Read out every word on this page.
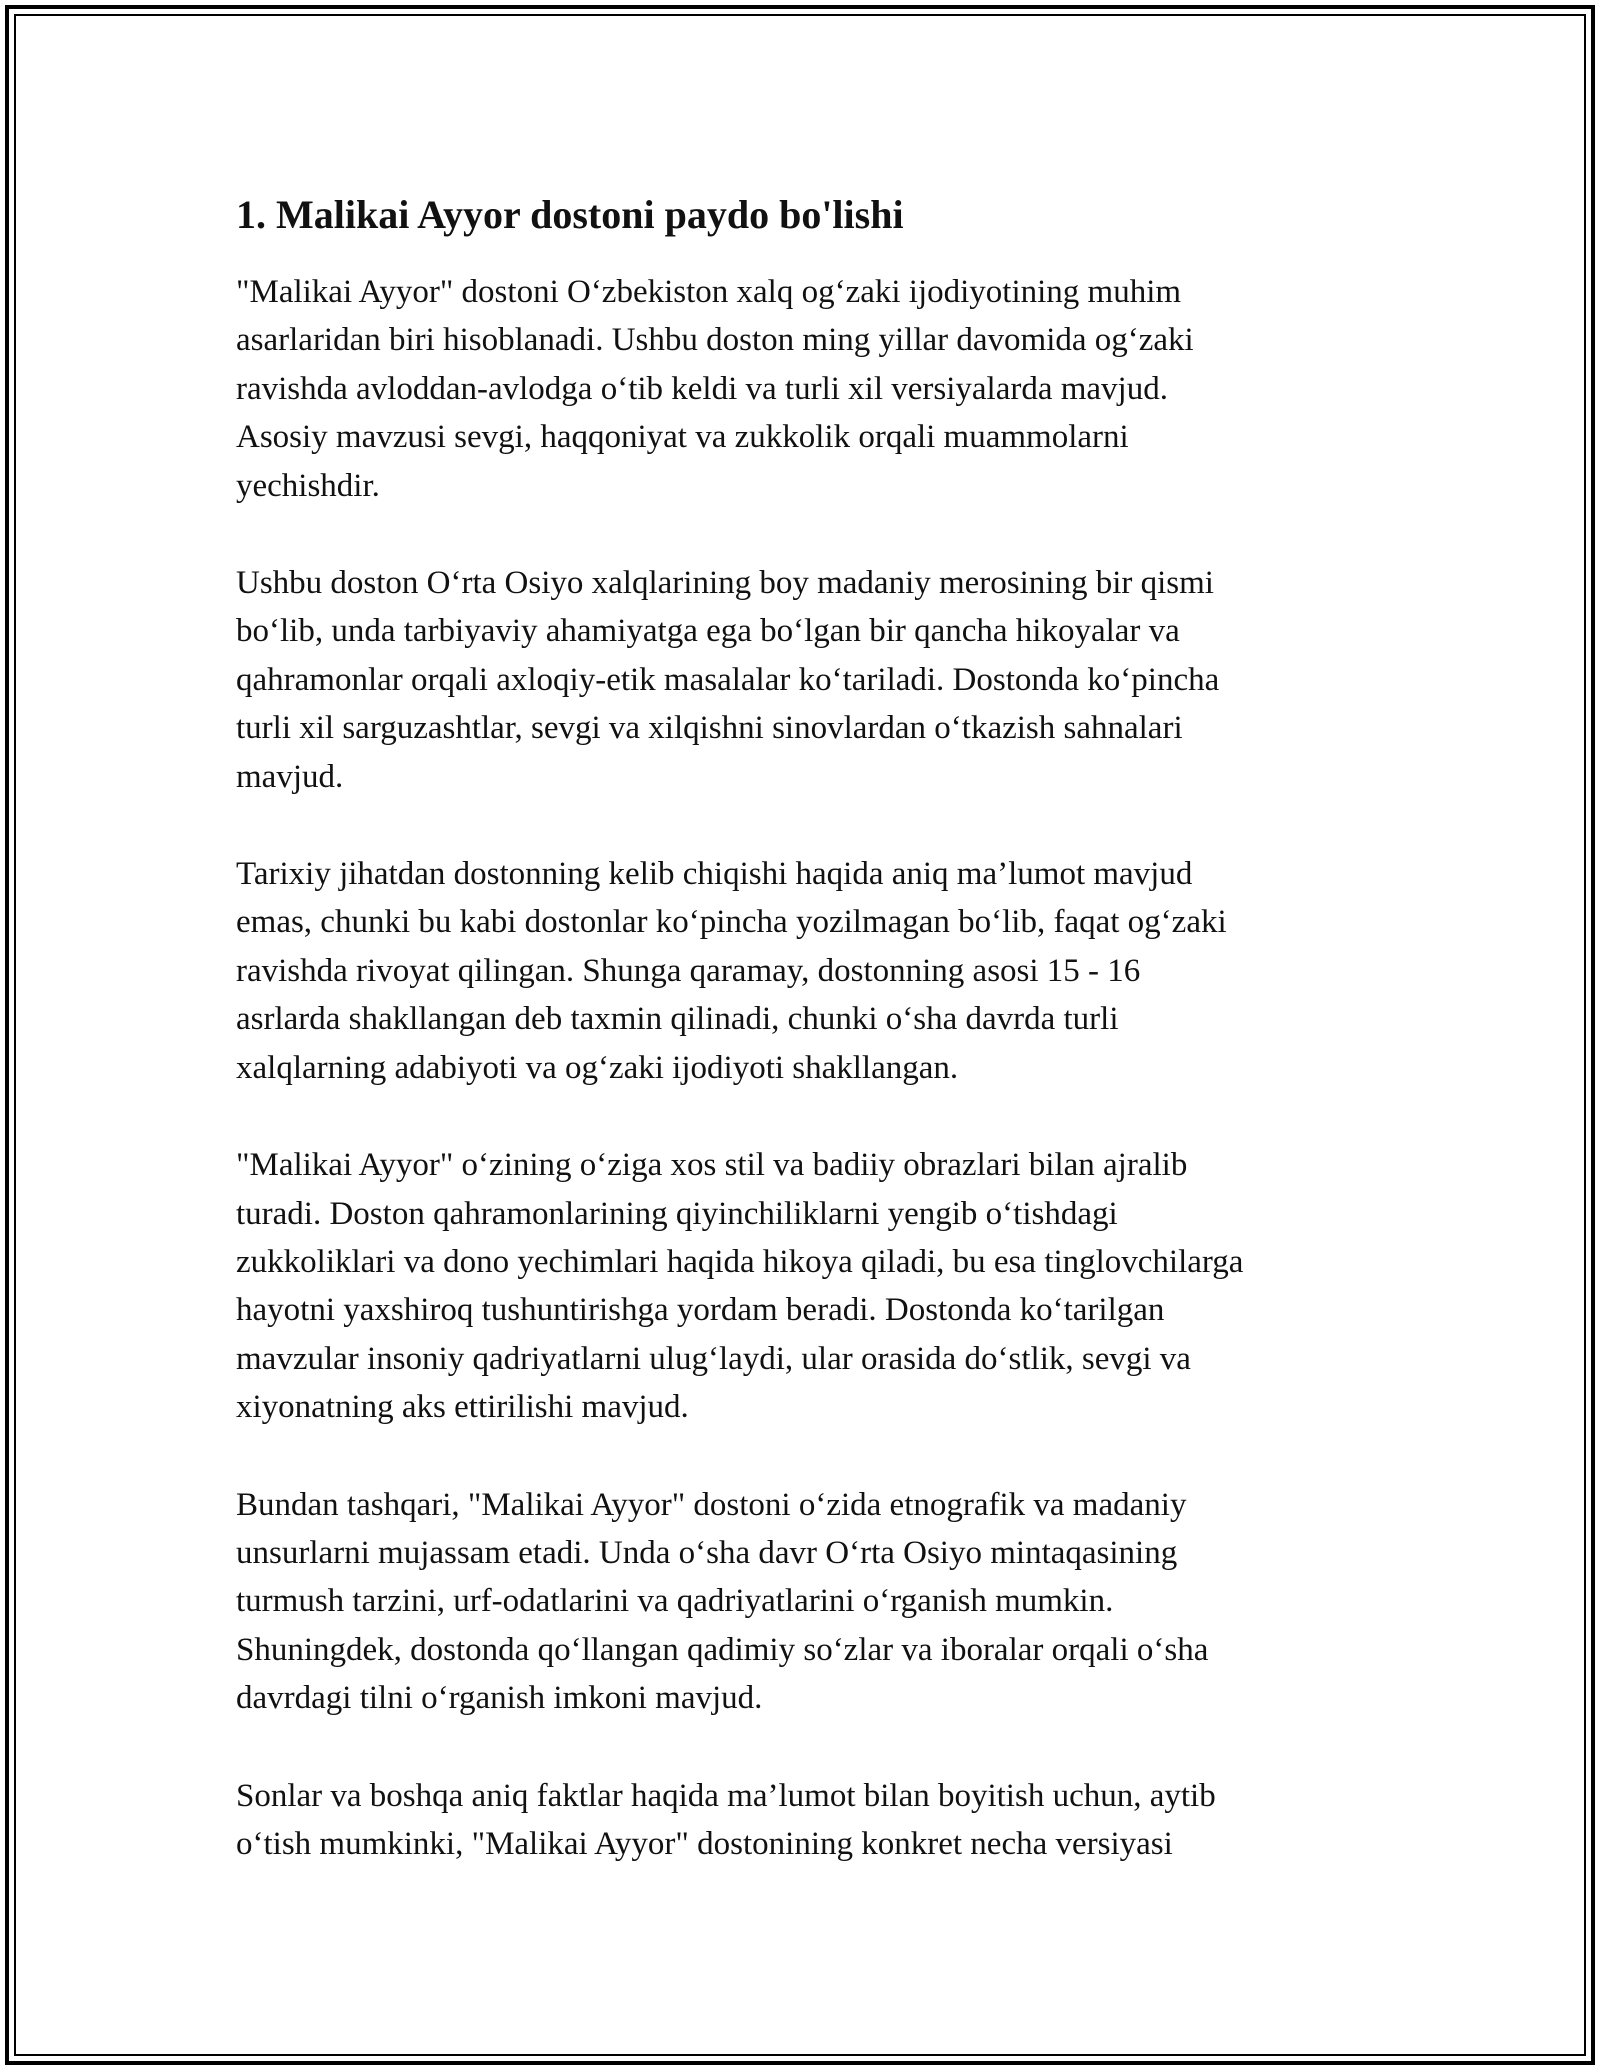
1. Malikai Ayyor dostoni paydo bo'lishi

"Malikai Ayyor" dostoni O‘zbekiston xalq og‘zaki ijodiyotining muhim
asarlaridan biri hisoblanadi. Ushbu doston ming yillar davomida og‘zaki
ravishda avloddan-avlodga o‘tib keldi va turli xil versiyalarda mavjud.
Asosiy mavzusi sevgi, haqqoniyat va zukkolik orqali muammolarni
yechishdir.

Ushbu doston O‘rta Osiyo xalqlarining boy madaniy merosining bir qismi
bo‘lib, unda tarbiyaviy ahamiyatga ega bo‘lgan bir qancha hikoyalar va
qahramonlar orqali axloqiy-etik masalalar ko‘tariladi. Dostonda ko‘pincha
turli xil sarguzashtlar, sevgi va xilqishni sinovlardan o‘tkazish sahnalari
mavjud.

Tarixiy jihatdan dostonning kelib chiqishi haqida aniq ma’lumot mavjud
emas, chunki bu kabi dostonlar ko‘pincha yozilmagan bo‘lib, faqat og‘zaki
ravishda rivoyat qilingan. Shunga qaramay, dostonning asosi 15 - 16
asrlarda shakllangan deb taxmin qilinadi, chunki o‘sha davrda turli
xalqlarning adabiyoti va og‘zaki ijodiyoti shakllangan.

"Malikai Ayyor" o‘zining o‘ziga xos stil va badiiy obrazlari bilan ajralib
turadi. Doston qahramonlarining qiyinchiliklarni yengib o‘tishdagi
zukkoliklari va dono yechimlari haqida hikoya qiladi, bu esa tinglovchilarga
hayotni yaxshiroq tushuntirishga yordam beradi. Dostonda ko‘tarilgan
mavzular insoniy qadriyatlarni ulug‘laydi, ular orasida do‘stlik, sevgi va
xiyonatning aks ettirilishi mavjud.

Bundan tashqari, "Malikai Ayyor" dostoni o‘zida etnografik va madaniy
unsurlarni mujassam etadi. Unda o‘sha davr O‘rta Osiyo mintaqasining
turmush tarzini, urf-odatlarini va qadriyatlarini o‘rganish mumkin.
Shuningdek, dostonda qo‘llangan qadimiy so‘zlar va iboralar orqali o‘sha
davrdagi tilni o‘rganish imkoni mavjud.

Sonlar va boshqa aniq faktlar haqida ma’lumot bilan boyitish uchun, aytib
o‘tish mumkinki, "Malikai Ayyor" dostonining konkret necha versiyasi
